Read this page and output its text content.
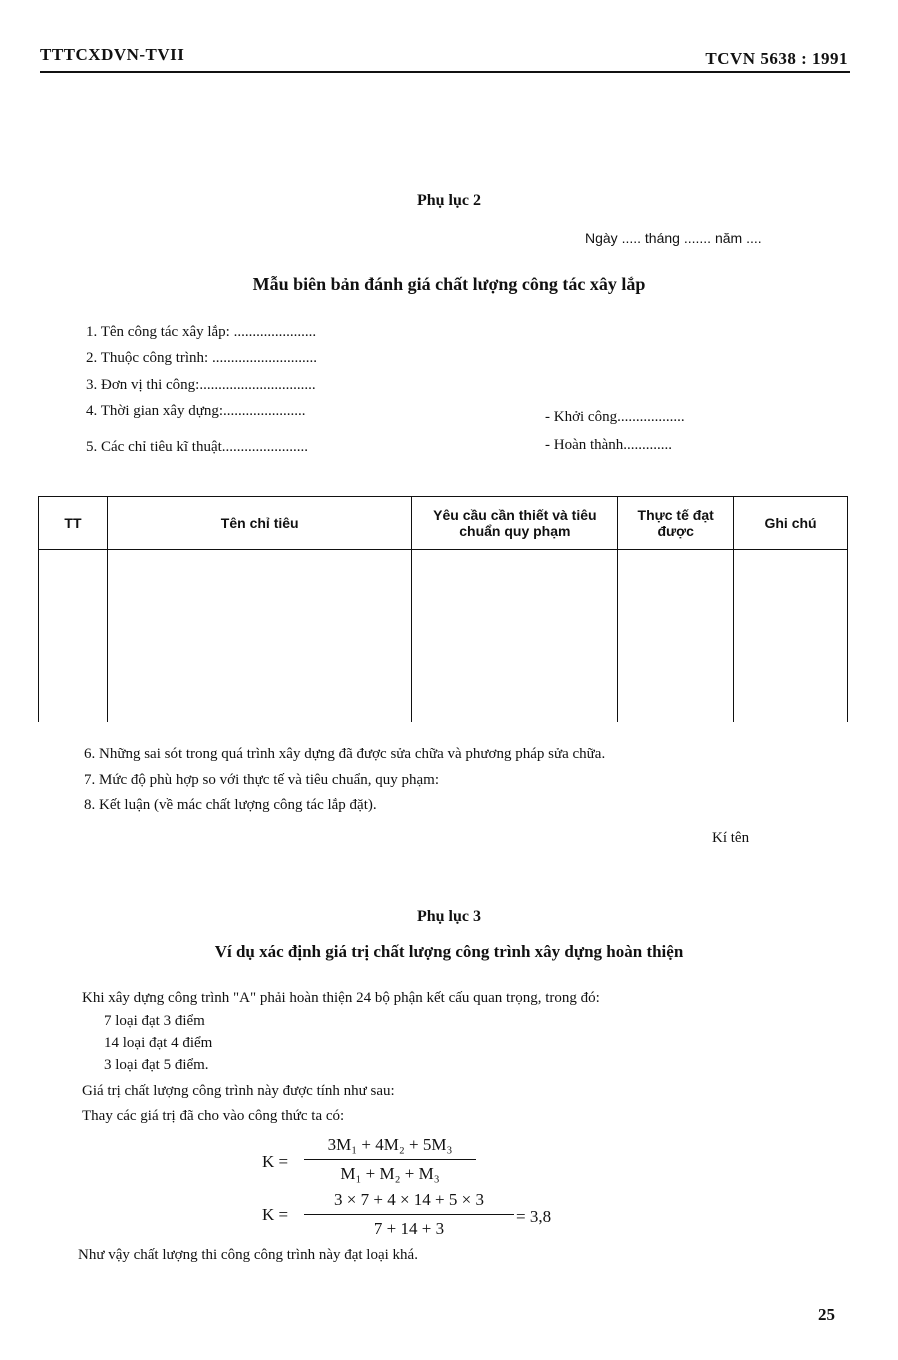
TTTCXDVN-TVII	TCVN 5638 : 1991
Phụ lục 2
Ngày ..... tháng ....... năm ....
Mẫu biên bản đánh giá chất lượng công tác xây lắp
1. Tên công tác xây lắp: ......................
2. Thuộc công trình: ............................
3. Đơn vị thi công:...............................
4. Thời gian xây dựng:......................
5. Các chỉ tiêu kĩ thuật.......................
- Khởi công..................
- Hoàn thành.............
TT	Tên chỉ tiêu	Yêu cầu cần thiết và tiêu chuẩn quy phạm	Thực tế đạt được	Ghi chú

6. Những sai sót trong quá trình xây dựng đã được sửa chữa và phương pháp sửa chữa.
7. Mức độ phù hợp so với thực tế và tiêu chuẩn, quy phạm:
8. Kết luận (về mác chất lượng công tác lắp đặt).
Kí tên
Phụ lục 3
Ví dụ xác định giá trị chất lượng công trình xây dựng hoàn thiện
Khi xây dựng công trình "A" phải hoàn thiện 24 bộ phận kết cấu quan trọng, trong đó:
7 loại đạt 3 điểm
14 loại đạt 4 điểm
3 loại đạt 5 điểm.
Giá trị chất lượng công trình này được tính như sau:
Thay các giá trị đã cho vào công thức ta có:
K =
3M₁ + 4M₂ + 5M₃
M₁ + M₂ + M₃
K =
3 × 7 + 4 × 14 + 5 × 3
7 + 14 + 3
= 3,8
Như vậy chất lượng thi công công trình này đạt loại khá.
25
